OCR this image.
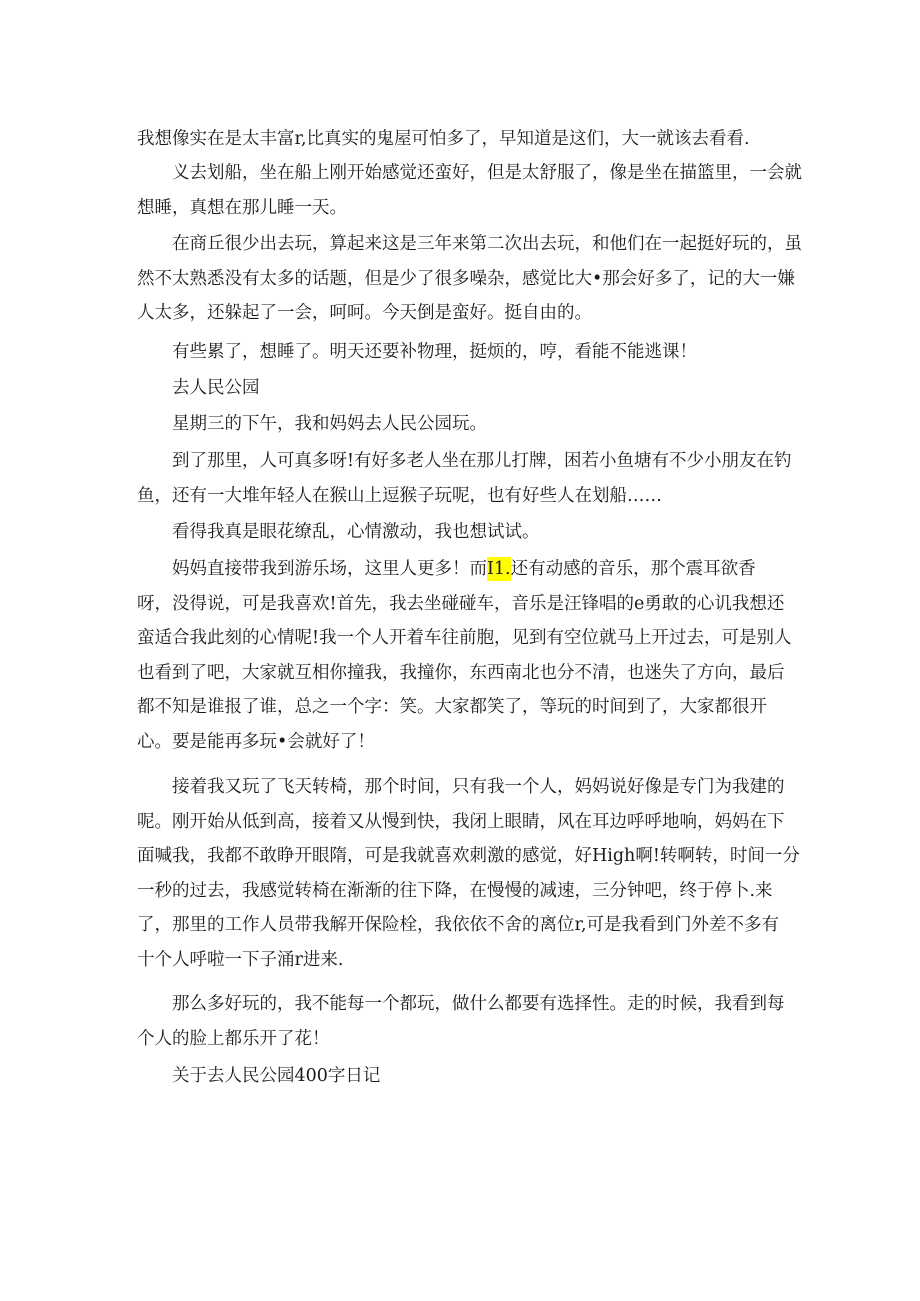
我想像实在是太丰富r,比真实的鬼屋可怕多了，早知道是这们，大一就该去看看.

义去划船，坐在船上刚开始感觉还蛮好，但是太舒服了，像是坐在描篮里，一会就
想睡，真想在那儿睡一天。

在商丘很少出去玩，算起来这是三年来第二次出去玩，和他们在一起挺好玩的，虽
然不太熟悉没有太多的话题，但是少了很多噪杂，感觉比大•那会好多了，记的大一嫌
人太多，还躲起了一会，呵呵。今天倒是蛮好。挺自由的。

有些累了，想睡了。明天还要补物理，挺烦的，哼，看能不能逃课！

去人民公园

星期三的下午，我和妈妈去人民公园玩。

到了那里，人可真多呀!有好多老人坐在那儿打牌，困若小鱼塘有不少小朋友在钓
鱼，还有一大堆年轻人在猴山上逗猴子玩呢，也有好些人在划船……

看得我真是眼花缭乱，心情激动，我也想试试。

妈妈直接带我到游乐场，这里人更多！而I1.还有动感的音乐，那个震耳欲香
呀，没得说，可是我喜欢!首先，我去坐碰碰车，音乐是汪锋唱的e勇敢的心讥我想还
蛮适合我此刻的心情呢!我一个人开着车往前胞，见到有空位就马上开过去，可是别人
也看到了吧，大家就互相你撞我，我撞你，东西南北也分不清，也迷失了方向，最后
都不知是谁报了谁，总之一个字：笑。大家都笑了，等玩的时间到了，大家都很开
心。要是能再多玩•会就好了！

接着我又玩了飞天转椅，那个时间，只有我一个人，妈妈说好像是专门为我建的
呢。刚开始从低到高，接着又从慢到快，我闭上眼睛，风在耳边呼呼地响，妈妈在下
面喊我，我都不敢睁开眼隋，可是我就喜欢刺激的感觉，好High啊!转啊转，时间一分
一秒的过去，我感觉转椅在渐渐的往下降，在慢慢的减速，三分钟吧，终于停卜.来
了，那里的工作人员带我解开保险栓，我依依不舍的离位r,可是我看到门外差不多有
十个人呼啦一下子涌r进来.

那么多好玩的，我不能每一个都玩，做什么都要有选择性。走的时候，我看到每
个人的脸上都乐开了花！

关于去人民公园400字日记
